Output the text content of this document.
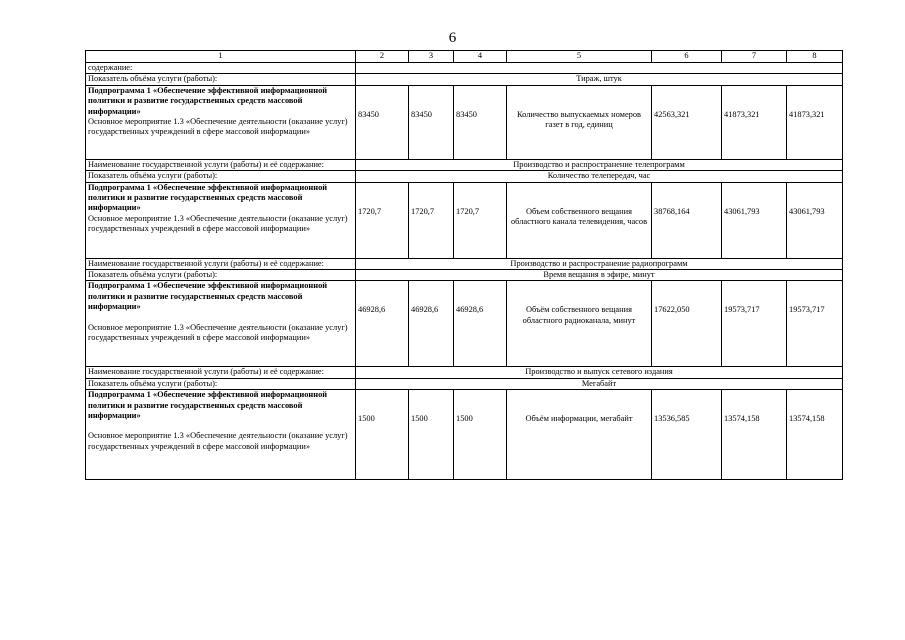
6
1	2	3	4	5	6	7	8
содержание:							
Показатель объёма услуги (работы):	Тираж, штук						

Подпрограмма 1 «Обеспечение эффективной информационной политики и развитие государственных средств массовой информации»
Основное мероприятие 1.3 «Обеспечение деятельности (оказание услуг) государственных учреждений в сфере массовой информации»	83450	83450	83450	Количество выпускаемых номеров газет в год, единиц	42563,321	41873,321	41873,321
Наименование государственной услуги (работы) и её содержание:	Производство и распространение телепрограмм						
Показатель объёма услуги (работы):	Количество телепередач, час						

Подпрограмма 1 «Обеспечение эффективной информационной политики и развитие государственных средств массовой информации»
Основное мероприятие 1.3 «Обеспечение деятельности (оказание услуг) государственных учреждений в сфере массовой информации»	1720,7	1720,7	1720,7	Объем собственного вещания областного канала телевидения, часов	38768,164	43061,793	43061,793
Наименование государственной услуги (работы) и её содержание:	Производство и распространение радиопрограмм						
Показатель объёма услуги (работы):	Время вещания в эфире, минут						

Подпрограмма 1 «Обеспечение эффективной информационной политики и развитие государственных средств массовой информации»
Основное мероприятие 1.3 «Обеспечение деятельности (оказание услуг) государственных учреждений в сфере массовой информации»	46928,6	46928,6	46928,6	Объём собственного вещания областного радиоканала, минут	17622,050	19573,717	19573,717
Наименование государственной услуги (работы) и её содержание:	Производство и выпуск сетевого издания						
Показатель объёма услуги (работы):	Мегабайт						

Подпрограмма 1 «Обеспечение эффективной информационной политики и развитие государственных средств массовой информации»
Основное мероприятие 1.3 «Обеспечение деятельности (оказание услуг) государственных учреждений в сфере массовой информации»	1500	1500	1500	Объём информации, мегабайт	13536,585	13574,158	13574,158
